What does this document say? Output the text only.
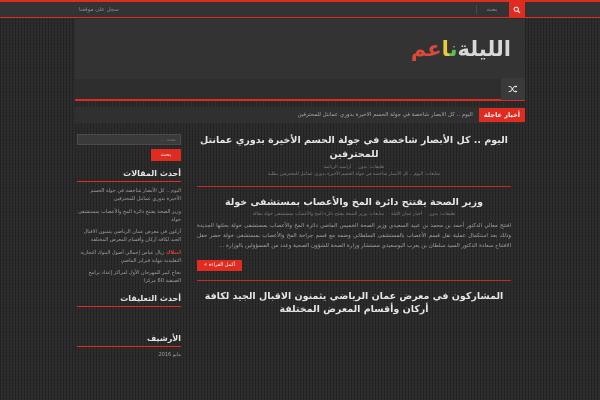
بحث
سجل على موقعنا
الليلةناعم
أخبار عاجلة
اليوم .. كل الأبصار شاخصة في جولة الحسم الأخيرة بدوري عمانتل للمحترفين
اليوم .. كل الأبصار شاخصة في جولة الحسم الأخيرة بدوري عمانتل للمحترفين
تعليقات: بدون
أراسيد الرياضة
متابعات: اليوم .. كل الأبصار شاخصة في جولة الحسم الأخيرة بدوري عمانتل للمحترفين بطلبة
وزير الصحة يفتتح دائرة المخ والأعصاب بمستشفى خولة
تعليقات: بدون
أخبار عمان الليلة
متابعات: وزير الصحة يفتتح دائرة المخ والأعصاب بمستشفى خولة مقالة
افتتح معالي الدكتور أحمد بن محمد بن عبيد السعيدي وزير الصحة الخميس الماضي دائرة المخ والأعصاب بمستشفى خولة بحلتها الجديدة وذلك بعد استكمال عملية نقل قسم الأعصاب بالمستشفى السلطاني وضمه مع قسم جراحة المخ والأعصاب بمستشفى خولة حضر حفل الافتتاح سعادة الدكتور السيد سلطان بن يعرب البوسعيدي مستشار وزارة الصحة للشؤون الصحية وعدد من المسؤولين بالوزارة ...
أكمل القراءة »
المشاركون في معرض عمان الرياضي يثمنون الاقبال الجيد لكافة أركان وأقسام المعرض المختلفة
بحث ...
بحث
أحدث المقالات
اليوم .. كل الأبصار شاخصة في جولة الحسم الأخيرة بدوري عمانتل للمحترفين
وزير الصحة يفتتح دائرة المخ والأعصاب بمستشفى خولة
أركون في معرض عمان الرياضي يثمنون الاقبال الجيد لكافة أركان وأقسام المعرض المختلفة
امتلاك زيال عباس إجمالي أصول البنوك التجارية التقليدية بنهاية فبراير الماضي
نجاح كبير للمهرجان الأول لمراكز إعداد برامج الصيفية 60 مركزا
أحدث التعليقات
الأرشيف
مايو 2016
